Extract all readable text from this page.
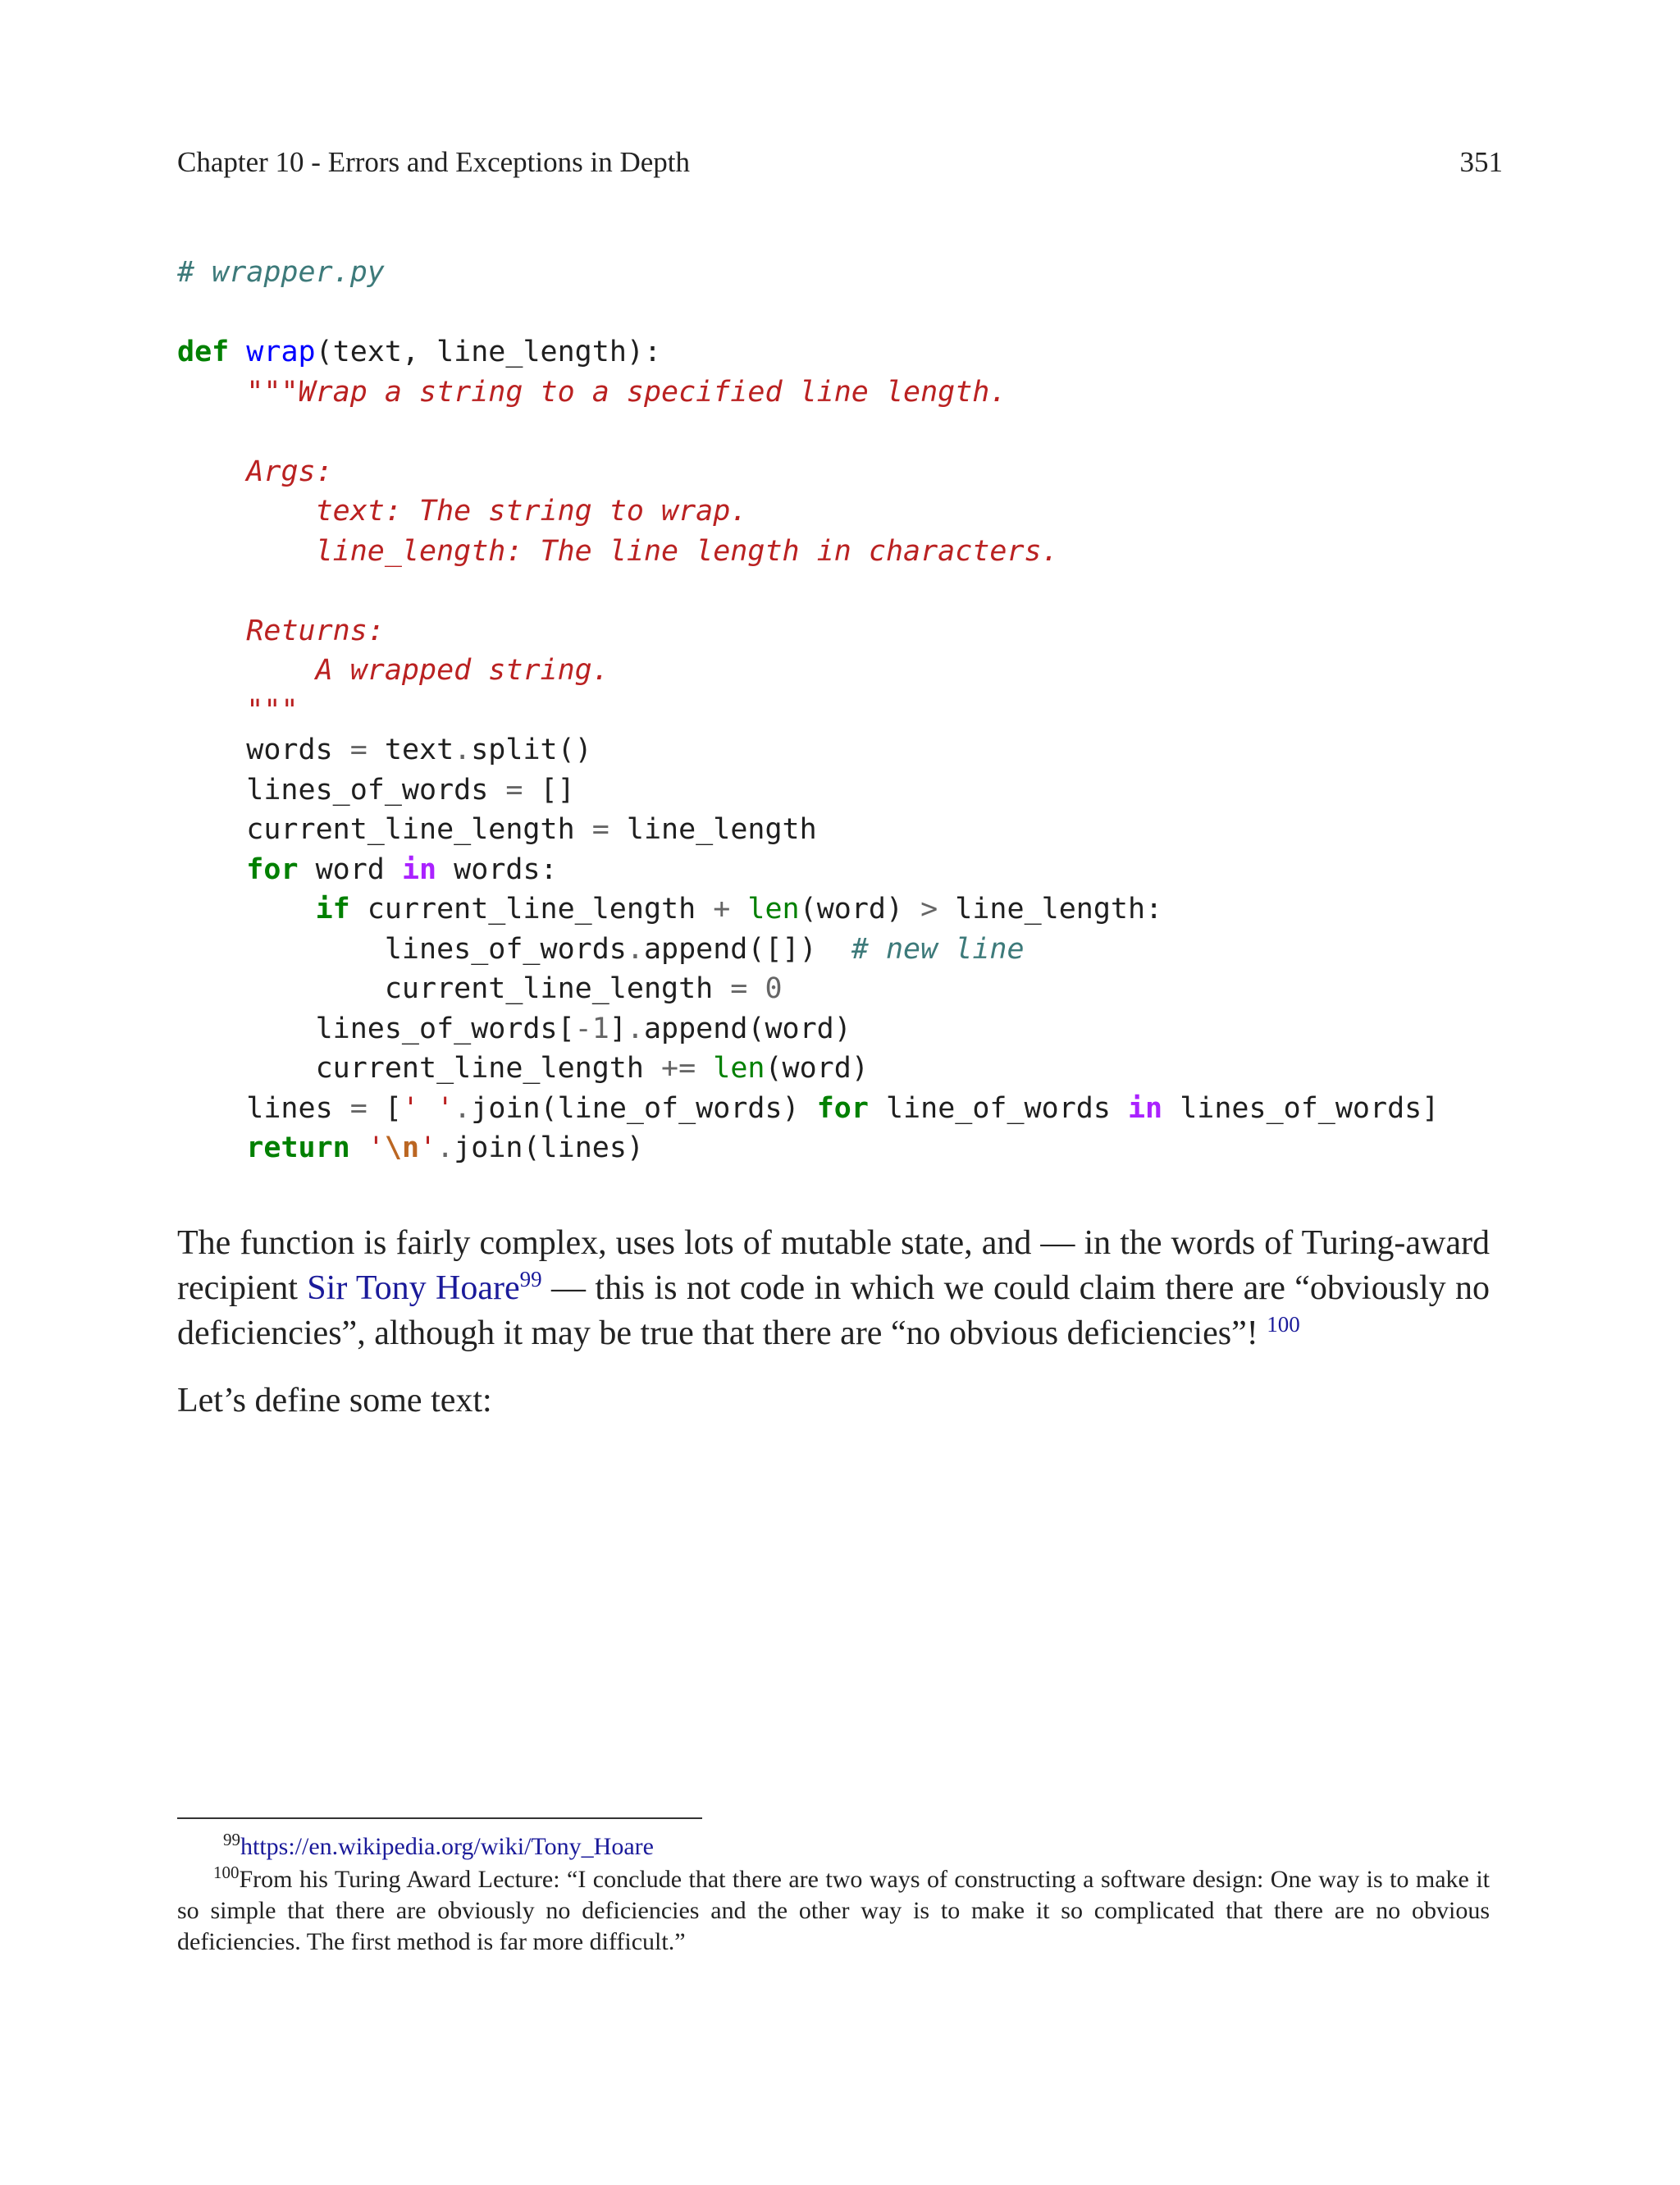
Chapter 10 - Errors and Exceptions in Depth	351
# wrapper.py

def wrap(text, line_length):
"""Wrap a string to a specified line length.

Args:
text: The string to wrap.
line_length: The line length in characters.

Returns:
A wrapped string.
"""
words = text.split()
lines_of_words = []
current_line_length = line_length
for word in words:
if current_line_length + len(word) > line_length:
lines_of_words.append([])  # new line
current_line_length = 0
lines_of_words[-1].append(word)
current_line_length += len(word)
lines = [' '.join(line_of_words) for line_of_words in lines_of_words]
return '\n'.join(lines)
The function is fairly complex, uses lots of mutable state, and — in the words of Turing-award recipient Sir Tony Hoare$^{99}$ — this is not code in which we could claim there are “obviously no deficiencies”, although it may be true that there are “no obvious deficiencies”! $^{100}$
Let’s define some text:
$^{99}$https://en.wikipedia.org/wiki/Tony_Hoare
$^{100}$From his Turing Award Lecture: “I conclude that there are two ways of constructing a software design: One way is to make it so simple that there are obviously no deficiencies and the other way is to make it so complicated that there are no obvious deficiencies. The first method is far more difficult.”
